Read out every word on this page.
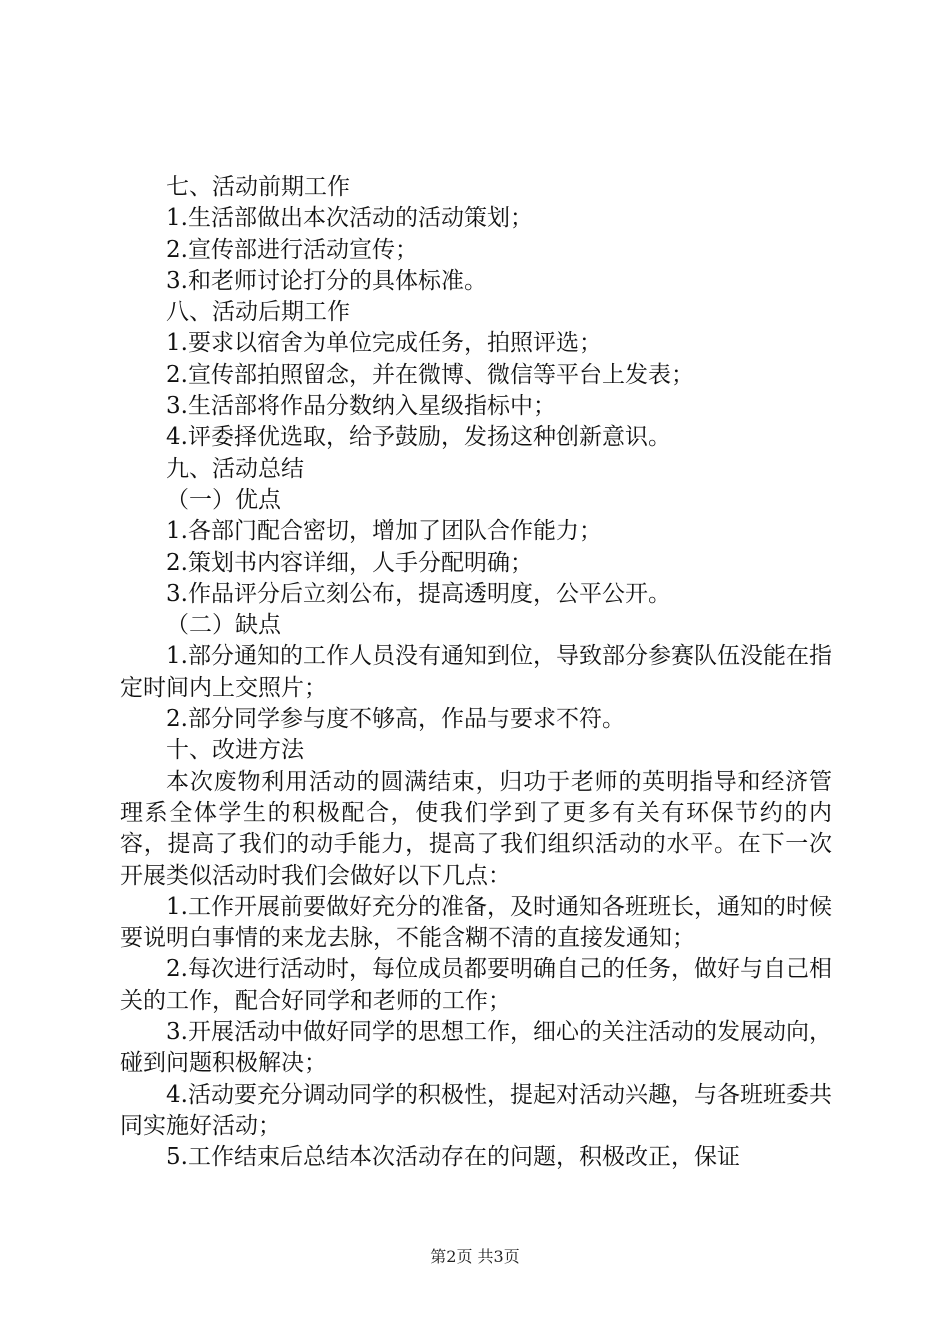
七、活动前期工作

1.生活部做出本次活动的活动策划；

2.宣传部进行活动宣传；

3.和老师讨论打分的具体标准。

八、活动后期工作

1.要求以宿舍为单位完成任务，拍照评选；

2.宣传部拍照留念，并在微博、微信等平台上发表；

3.生活部将作品分数纳入星级指标中；

4.评委择优选取，给予鼓励，发扬这种创新意识。

九、活动总结

（一）优点

1.各部门配合密切，增加了团队合作能力；

2.策划书内容详细，人手分配明确；

3.作品评分后立刻公布，提高透明度，公平公开。

（二）缺点

1.部分通知的工作人员没有通知到位，导致部分参赛队伍没能在指定时间内上交照片；

2.部分同学参与度不够高，作品与要求不符。

十、改进方法

本次废物利用活动的圆满结束，归功于老师的英明指导和经济管理系全体学生的积极配合，使我们学到了更多有关有环保节约的内容，提高了我们的动手能力，提高了我们组织活动的水平。在下一次开展类似活动时我们会做好以下几点：

1.工作开展前要做好充分的准备，及时通知各班班长，通知的时候要说明白事情的来龙去脉，不能含糊不清的直接发通知；

2.每次进行活动时，每位成员都要明确自己的任务，做好与自己相关的工作，配合好同学和老师的工作；

3.开展活动中做好同学的思想工作，细心的关注活动的发展动向，碰到问题积极解决；

4.活动要充分调动同学的积极性，提起对活动兴趣，与各班班委共同实施好活动；

5.工作结束后总结本次活动存在的问题，积极改正，保证

第2页 共3页
